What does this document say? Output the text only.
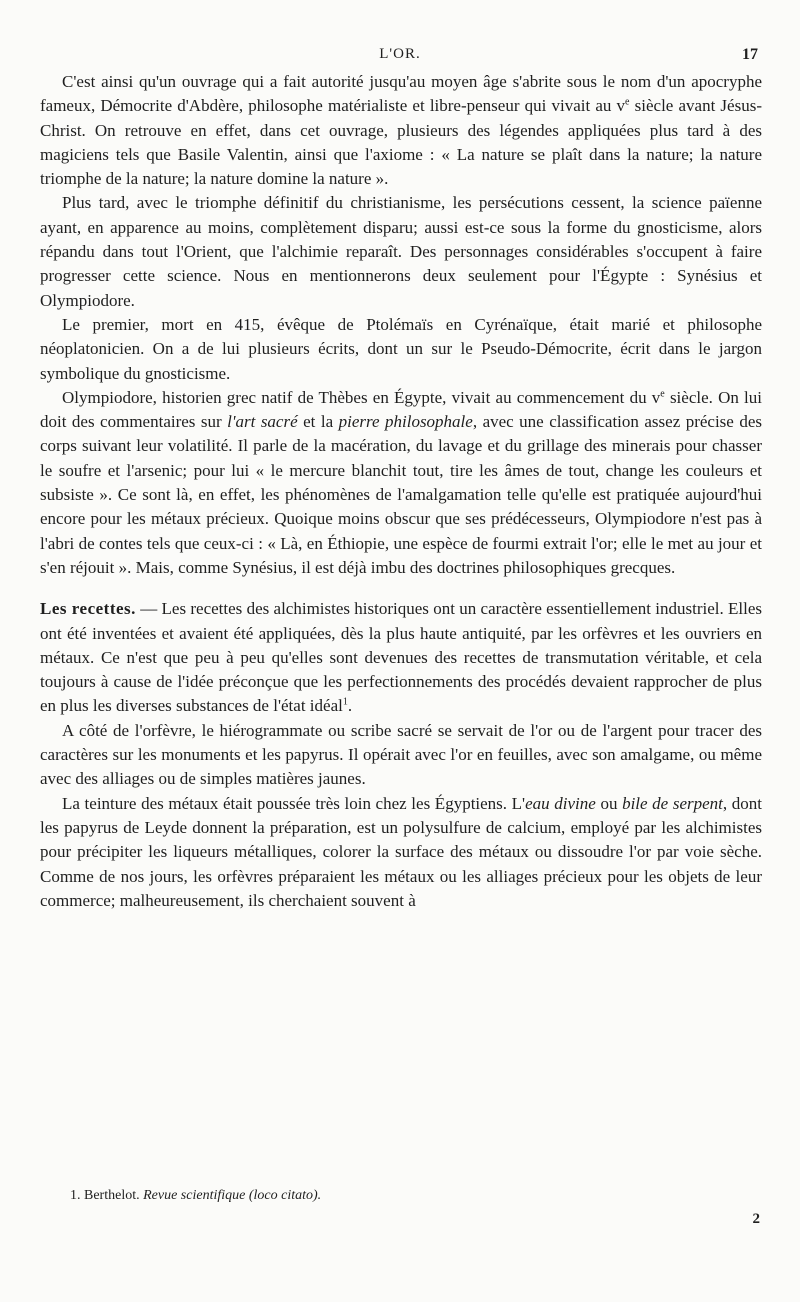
L'OR.	17

C'est ainsi qu'un ouvrage qui a fait autorité jusqu'au moyen âge s'abrite sous le nom d'un apocryphe fameux, Démocrite d'Abdère, philosophe matérialiste et libre-penseur qui vivait au $v^e$ siècle avant Jésus-Christ. On retrouve en effet, dans cet ouvrage, plusieurs des légendes appliquées plus tard à des magiciens tels que Basile Valentin, ainsi que l'axiome : « La nature se plaît dans la nature; la nature triomphe de la nature; la nature domine la nature ».

Plus tard, avec le triomphe définitif du christianisme, les persécutions cessent, la science païenne ayant, en apparence au moins, complètement disparu; aussi est-ce sous la forme du gnosticisme, alors répandu dans tout l'Orient, que l'alchimie reparaît. Des personnages considérables s'occupent à faire progresser cette science. Nous en mentionnerons deux seulement pour l'Égypte : Synésius et Olympiodore.

Le premier, mort en 415, évêque de Ptolémaïs en Cyrénaïque, était marié et philosophe néoplatonicien. On a de lui plusieurs écrits, dont un sur le Pseudo-Démocrite, écrit dans le jargon symbolique du gnosticisme.

Olympiodore, historien grec natif de Thèbes en Égypte, vivait au commencement du $v^e$ siècle. On lui doit des commentaires sur l'art sacré et la pierre philosophale, avec une classification assez précise des corps suivant leur volatilité. Il parle de la macération, du lavage et du grillage des minerais pour chasser le soufre et l'arsenic; pour lui « le mercure blanchit tout, tire les âmes de tout, change les couleurs et subsiste ». Ce sont là, en effet, les phénomènes de l'amalgamation telle qu'elle est pratiquée aujourd'hui encore pour les métaux précieux. Quoique moins obscur que ses prédécesseurs, Olympiodore n'est pas à l'abri de contes tels que ceux-ci : « Là, en Éthiopie, une espèce de fourmi extrait l'or; elle le met au jour et s'en réjouit ». Mais, comme Synésius, il est déjà imbu des doctrines philosophiques grecques.

Les recettes. — Les recettes des alchimistes historiques ont un caractère essentiellement industriel. Elles ont été inventées et avaient été appliquées, dès la plus haute antiquité, par les orfèvres et les ouvriers en métaux. Ce n'est que peu à peu qu'elles sont devenues des recettes de transmutation véritable, et cela toujours à cause de l'idée préconçue que les perfectionnements des procédés devaient rapprocher de plus en plus les diverses substances de l'état idéal$^1$.

A côté de l'orfèvre, le hiérogrammate ou scribe sacré se servait de l'or ou de l'argent pour tracer des caractères sur les monuments et les papyrus. Il opérait avec l'or en feuilles, avec son amalgame, ou même avec des alliages ou de simples matières jaunes.

La teinture des métaux était poussée très loin chez les Égyptiens. L'eau divine ou bile de serpent, dont les papyrus de Leyde donnent la préparation, est un polysulfure de calcium, employé par les alchimistes pour précipiter les liqueurs métalliques, colorer la surface des métaux ou dissoudre l'or par voie sèche. Comme de nos jours, les orfèvres préparaient les métaux ou les alliages précieux pour les objets de leur commerce; malheureusement, ils cherchaient souvent à

1. Berthelot. Revue scientifique (loco citato).
2
